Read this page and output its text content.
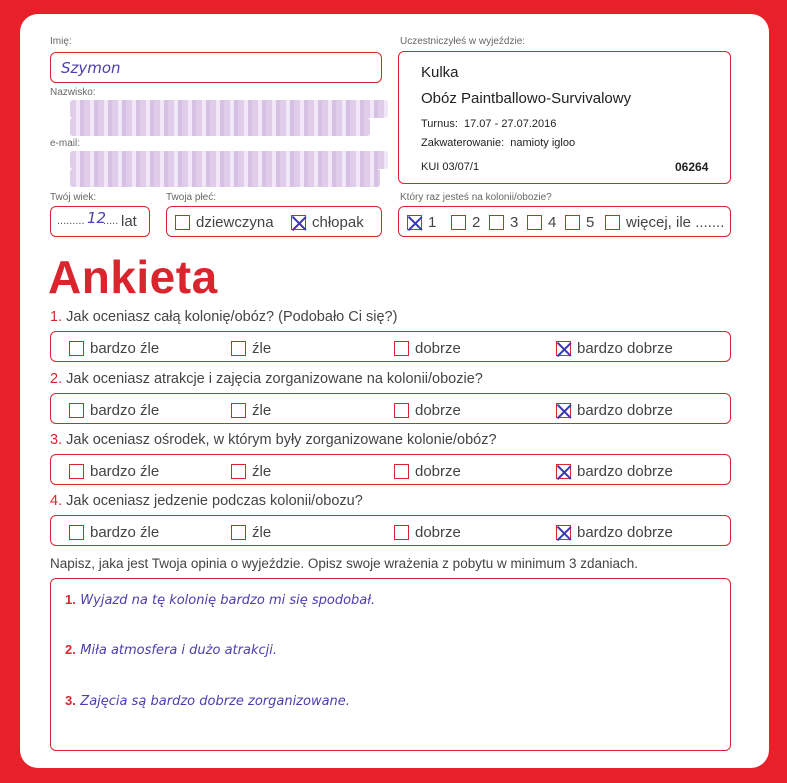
Imię:
Szymon
Nazwisko:
e-mail:
Twój wiek:
......... 12
..... lat
Twoja płeć:
dziewczyna	chłopak
Uczestniczyłeś w wyjeździe:
Kulka
Obóz Paintballowo-Survivalowy
Turnus: 17.07 - 27.07.2016
Zakwaterowanie: namioty igloo
KUI 03/07/1	06264
Który raz jesteś na kolonii/obozie?
1	2	3	4	5	więcej, ile .......
Ankieta
1. Jak oceniasz całą kolonię/obóz? (Podobało Ci się?)
bardzo źle	źle	dobrze	bardzo dobrze
2. Jak oceniasz atrakcje i zajęcia zorganizowane na kolonii/obozie?
bardzo źle	źle	dobrze	bardzo dobrze
3. Jak oceniasz ośrodek, w którym były zorganizowane kolonie/obóz?
bardzo źle	źle	dobrze	bardzo dobrze
4. Jak oceniasz jedzenie podczas kolonii/obozu?
bardzo źle	źle	dobrze	bardzo dobrze
Napisz, jaka jest Twoja opinia o wyjeździe. Opisz swoje wrażenia z pobytu w minimum 3 zdaniach.
1. Wyjazd na tę kolonię bardzo mi się spodobał.
2. Miła atmosfera i dużo atrakcji.
3. Zajęcia są bardzo dobrze zorganizowane.
